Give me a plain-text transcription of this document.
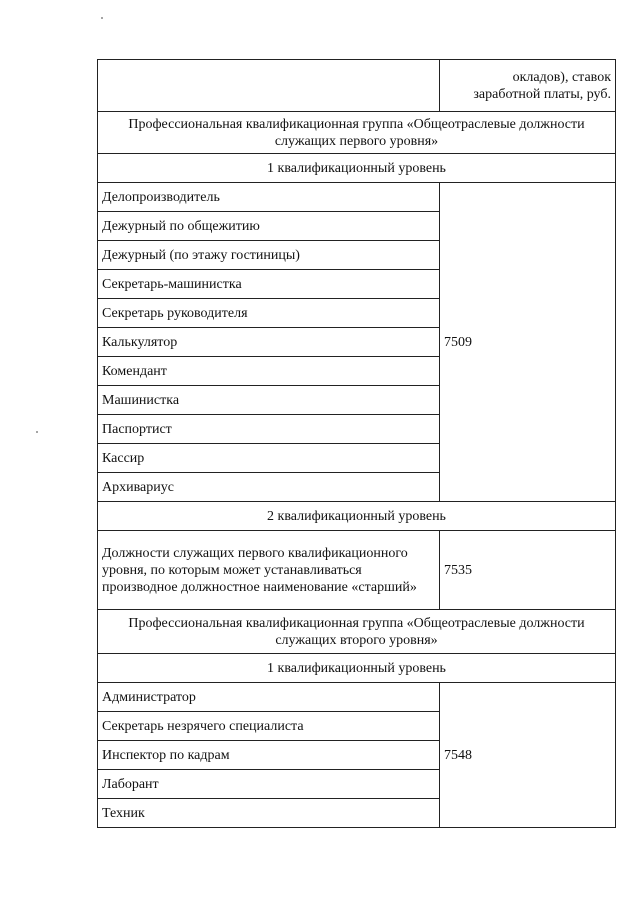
	окладов), ставок заработной платы, руб.
Профессиональная квалификационная группа «Общеотраслевые должности служащих первого уровня»	
1 квалификационный уровень	
Делопроизводитель	7509
Дежурный по общежитию	
Дежурный (по этажу гостиницы)	
Секретарь-машинистка	
Секретарь руководителя	
Калькулятор	
Комендант	
Машинистка	
Паспортист	
Кассир	
Архивариус	
2 квалификационный уровень	
Должности служащих первого квалификационного уровня, по которым может устанавливаться производное должностное наименование «старший»	7535
Профессиональная квалификационная группа «Общеотраслевые должности служащих второго уровня»	
1 квалификационный уровень	
Администратор	7548
Секретарь незрячего специалиста	
Инспектор по кадрам	
Лаборант	
Техник	
